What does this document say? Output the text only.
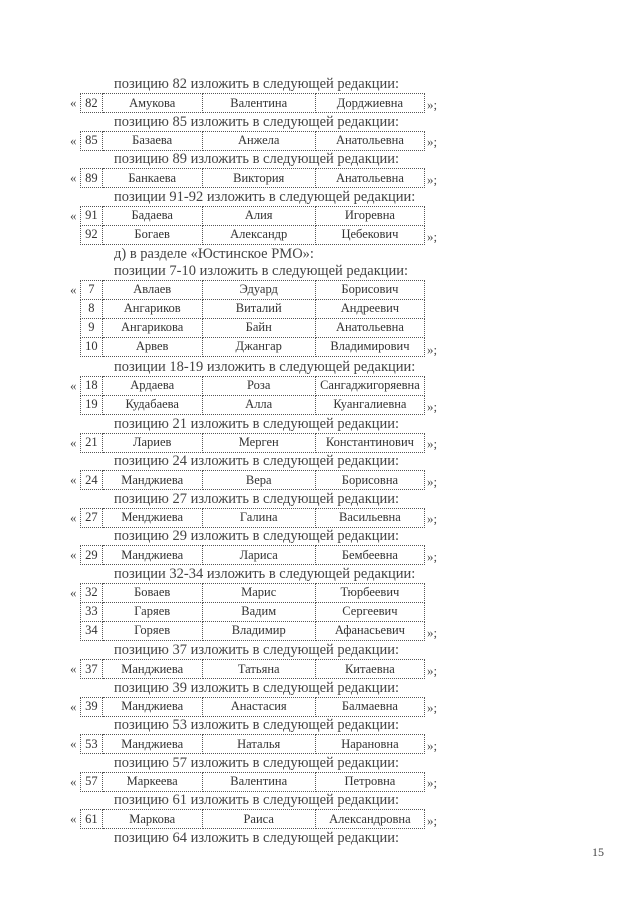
позицию 82 изложить в следующей редакции:
82	Амукова	Валентина	Дорджиевна
«	»;
позицию 85 изложить в следующей редакции:
85	Базаева	Анжела	Анатольевна
«	»;
позицию 89 изложить в следующей редакции:
89	Банкаева	Виктория	Анатольевна
«	»;
позиции 91-92 изложить в следующей редакции:
91	Бадаева	Алия	Игоревна
92	Богаев	Александр	Цебекович
«
»;
д) в разделе «Юстинское РМО»:
позиции 7-10 изложить в следующей редакции:
7	Авлаев	Эдуард	Борисович
8	Ангариков	Виталий	Андреевич
9	Ангарикова	Байн	Анатольевна
10	Арвев	Джангар	Владимирович
«
»;
позиции 18-19 изложить в следующей редакции:
18	Ардаева	Роза	Сангаджигоряевна
19	Кудабаева	Алла	Куангалиевна
«
»;
позицию 21 изложить в следующей редакции:
21	Лариев	Мерген	Константинович
«	»;
позицию 24 изложить в следующей редакции:
24	Манджиева	Вера	Борисовна
«	»;
позицию 27 изложить в следующей редакции:
27	Менджиева	Галина	Васильевна
«	»;
позицию 29 изложить в следующей редакции:
29	Манджиева	Лариса	Бембеевна
«	»;
позиции 32-34 изложить в следующей редакции:
32	Боваев	Марис	Тюрбеевич
33	Гаряев	Вадим	Сергеевич
34	Горяев	Владимир	Афанасьевич
«
»;
позицию 37 изложить в следующей редакции:
37	Манджиева	Татьяна	Китаевна
«	»;
позицию 39 изложить в следующей редакции:
39	Манджиева	Анастасия	Балмаевна
«	»;
позицию 53 изложить в следующей редакции:
53	Манджиева	Наталья	Нарановна
«	»;
позицию 57 изложить в следующей редакции:
57	Маркеева	Валентина	Петровна
«	»;
позицию 61 изложить в следующей редакции:
61	Маркова	Раиса	Александровна
«	»;
позицию 64 изложить в следующей редакции:
15
